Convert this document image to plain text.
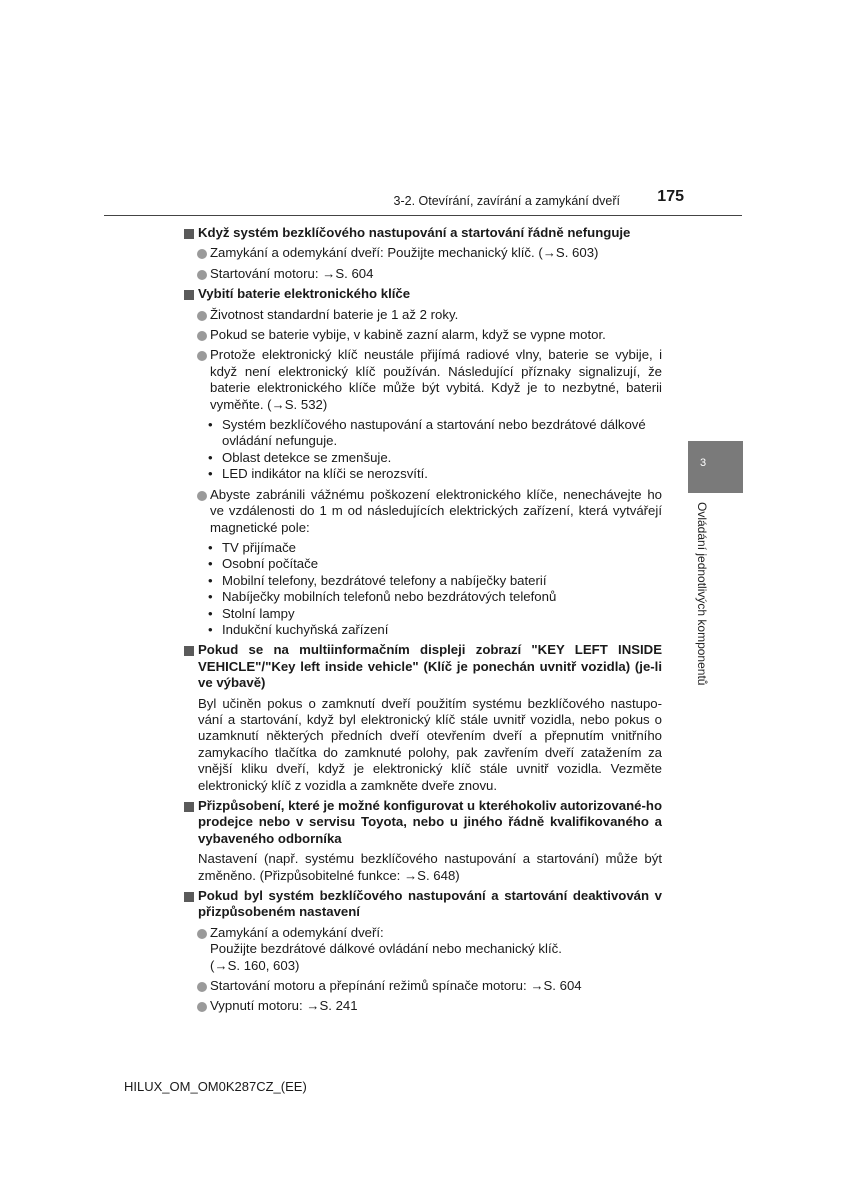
3-2. Otevírání, zavírání a zamykání dveří	175
3
Ovládání jednotlivých komponentů
Když systém bezklíčového nastupování a startování řádně nefunguje
Zamykání a odemykání dveří: Použijte mechanický klíč. (→S. 603)
Startování motoru: →S. 604
Vybití baterie elektronického klíče
Životnost standardní baterie je 1 až 2 roky.
Pokud se baterie vybije, v kabině zazní alarm, když se vypne motor.
Protože elektronický klíč neustále přijímá radiové vlny, baterie se vybije, i když není elektronický klíč používán. Následující příznaky signalizují, že baterie elektronického klíče může být vybitá. Když je to nezbytné, baterii vyměňte. (→S. 532)
• Systém bezklíčového nastupování a startování nebo bezdrátové dálkové ovládání nefunguje.
• Oblast detekce se zmenšuje.
• LED indikátor na klíči se nerozsvítí.
Abyste zabránili vážnému poškození elektronického klíče, nenechávejte ho ve vzdálenosti do 1 m od následujících elektrických zařízení, která vytvářejí magnetické pole:
• TV přijímače
• Osobní počítače
• Mobilní telefony, bezdrátové telefony a nabíječky baterií
• Nabíječky mobilních telefonů nebo bezdrátových telefonů
• Stolní lampy
• Indukční kuchyňská zařízení
Pokud se na multiinformačním displeji zobrazí "KEY LEFT INSIDE VEHICLE"/"Key left inside vehicle" (Klíč je ponechán uvnitř vozidla) (je-li ve výbavě)
Byl učiněn pokus o zamknutí dveří použitím systému bezklíčového nastupo-vání a startování, když byl elektronický klíč stále uvnitř vozidla, nebo pokus o uzamknutí některých předních dveří otevřením dveří a přepnutím vnitřního zamykacího tlačítka do zamknuté polohy, pak zavřením dveří zatažením za vnější kliku dveří, když je elektronický klíč stále uvnitř vozidla. Vezměte elektronický klíč z vozidla a zamkněte dveře znovu.
Přizpůsobení, které je možné konfigurovat u kteréhokoliv autorizované-ho prodejce nebo v servisu Toyota, nebo u jiného řádně kvalifikovaného a vybaveného odborníka
Nastavení (např. systému bezklíčového nastupování a startování) může být změněno. (Přizpůsobitelné funkce: →S. 648)
Pokud byl systém bezklíčového nastupování a startování deaktivován v přizpůsobeném nastavení
Zamykání a odemykání dveří:
Použijte bezdrátové dálkové ovládání nebo mechanický klíč.
(→S. 160, 603)
Startování motoru a přepínání režimů spínače motoru: →S. 604
Vypnutí motoru: →S. 241
HILUX_OM_OM0K287CZ_(EE)
